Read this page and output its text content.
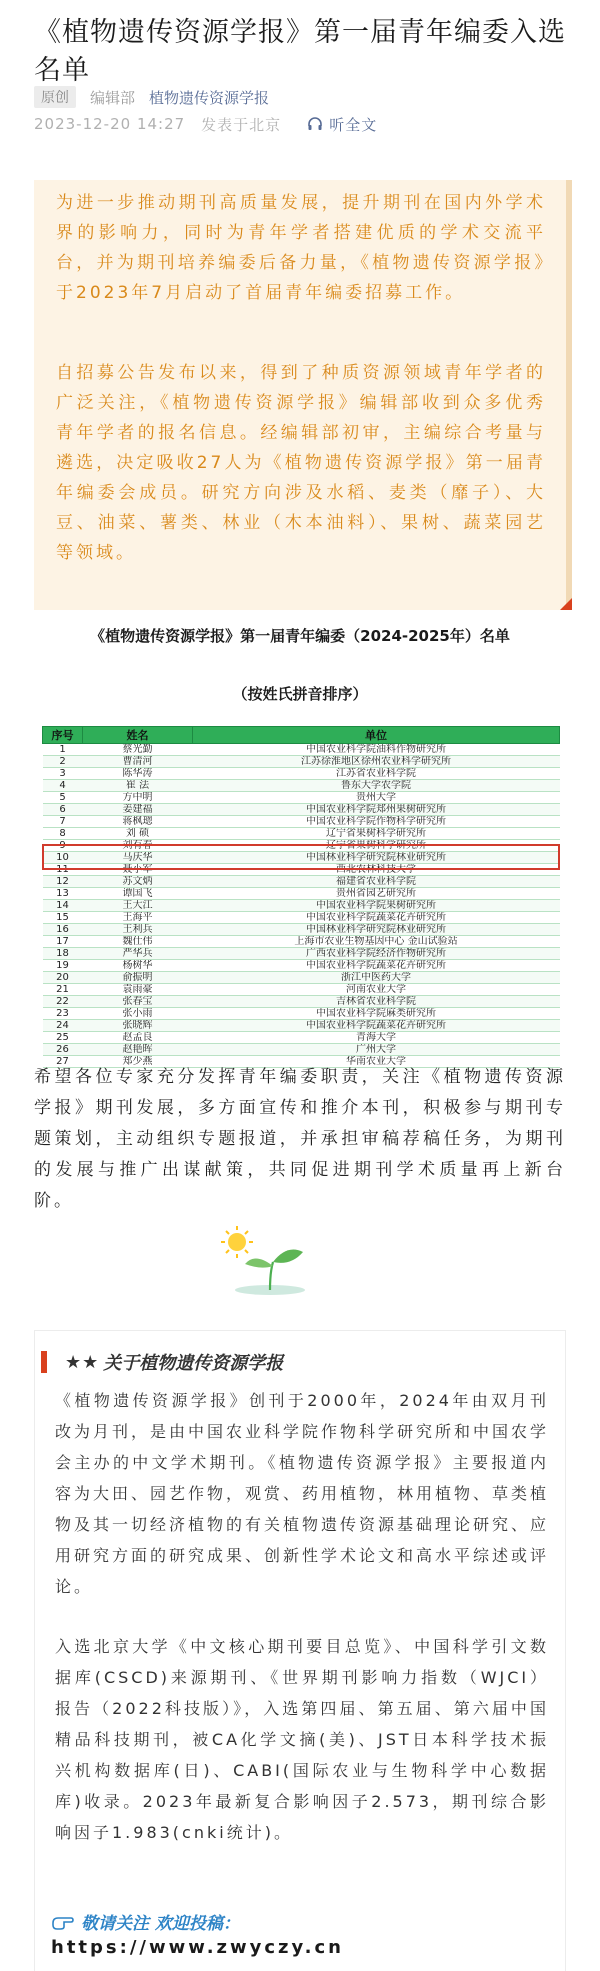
《植物遗传资源学报》第一届青年编委入选名单
原创	编辑部 植物遗传资源学报
2023-12-20 14:27 发表于北京	听全文

为进一步推动期刊高质量发展，提升期刊在国内外学术界的影响力，同时为青年学者搭建优质的学术交流平台，并为期刊培养编委后备力量，《植物遗传资源学报》于2023年7月启动了首届青年编委招募工作。

自招募公告发布以来，得到了种质资源领域青年学者的广泛关注，《植物遗传资源学报》编辑部收到众多优秀青年学者的报名信息。经编辑部初审，主编综合考量与遴选，决定吸收27人为《植物遗传资源学报》第一届青年编委会成员。研究方向涉及水稻、麦类（靡子）、大豆、油菜、薯类、林业（木本油料）、果树、蔬菜园艺等领域。

《植物遗传资源学报》第一届青年编委（2024-2025年）名单
（按姓氏拼音排序）
序号	姓名	单位
1	蔡光勤	中国农业科学院油料作物研究所
2	曹清河	江苏徐淮地区徐州农业科学研究所
3	陈华涛	江苏省农业科学院
4	崔 法	鲁东大学农学院
5	方中明	贵州大学
6	姜建福	中国农业科学院郑州果树研究所
7	蒋枫璁	中国农业科学院作物科学研究所
8	刘 硕	辽宁省果树科学研究所
9	刘有春	辽宁省果树科学研究所
10	马庆华	中国林业科学研究院林业研究所
11	聂小军	西北农林科技大学
12	苏文炳	福建省农业科学院
13	谭国飞	贵州省园艺研究所
14	王大江	中国农业科学院果树研究所
15	王海平	中国农业科学院蔬菜花卉研究所
16	王利兵	中国林业科学研究院林业研究所
17	魏仕伟	上海市农业生物基因中心 金山试验站
18	严华兵	广西农业科学院经济作物研究所
19	杨树华	中国农业科学院蔬菜花卉研究所
20	俞振明	浙江中医药大学
21	袁雨豪	河南农业大学
22	张春宝	吉林省农业科学院
23	张小雨	中国农业科学院麻类研究所
24	张晓辉	中国农业科学院蔬菜花卉研究所
25	赵孟良	青海大学
26	赵艳晖	广州大学
27	郑少燕	华南农业大学

希望各位专家充分发挥青年编委职责，关注《植物遗传资源学报》期刊发展，多方面宣传和推介本刊，积极参与期刊专题策划，主动组织专题报道，并承担审稿荐稿任务，为期刊的发展与推广出谋献策，共同促进期刊学术质量再上新台阶。

★★ 关于植物遗传资源学报

《植物遗传资源学报》创刊于2000年，2024年由双月刊改为月刊，是由中国农业科学院作物科学研究所和中国农学会主办的中文学术期刊。《植物遗传资源学报》主要报道内容为大田、园艺作物，观赏、药用植物，林用植物、草类植物及其一切经济植物的有关植物遗传资源基础理论研究、应用研究方面的研究成果、创新性学术论文和高水平综述或评论。

入选北京大学《中文核心期刊要目总览》、中国科学引文数据库(CSCD)来源期刊、《世界期刊影响力指数（WJCI）报告（2022科技版）》，入选第四届、第五届、第六届中国精品科技期刊，被CA化学文摘(美)、JST日本科学技术振兴机构数据库(日)、CABI(国际农业与生物科学中心数据库)收录。2023年最新复合影响因子2.573，期刊综合影响因子1.983(cnki统计)。

敬请关注 欢迎投稿：
https://www.zwyczy.cn
